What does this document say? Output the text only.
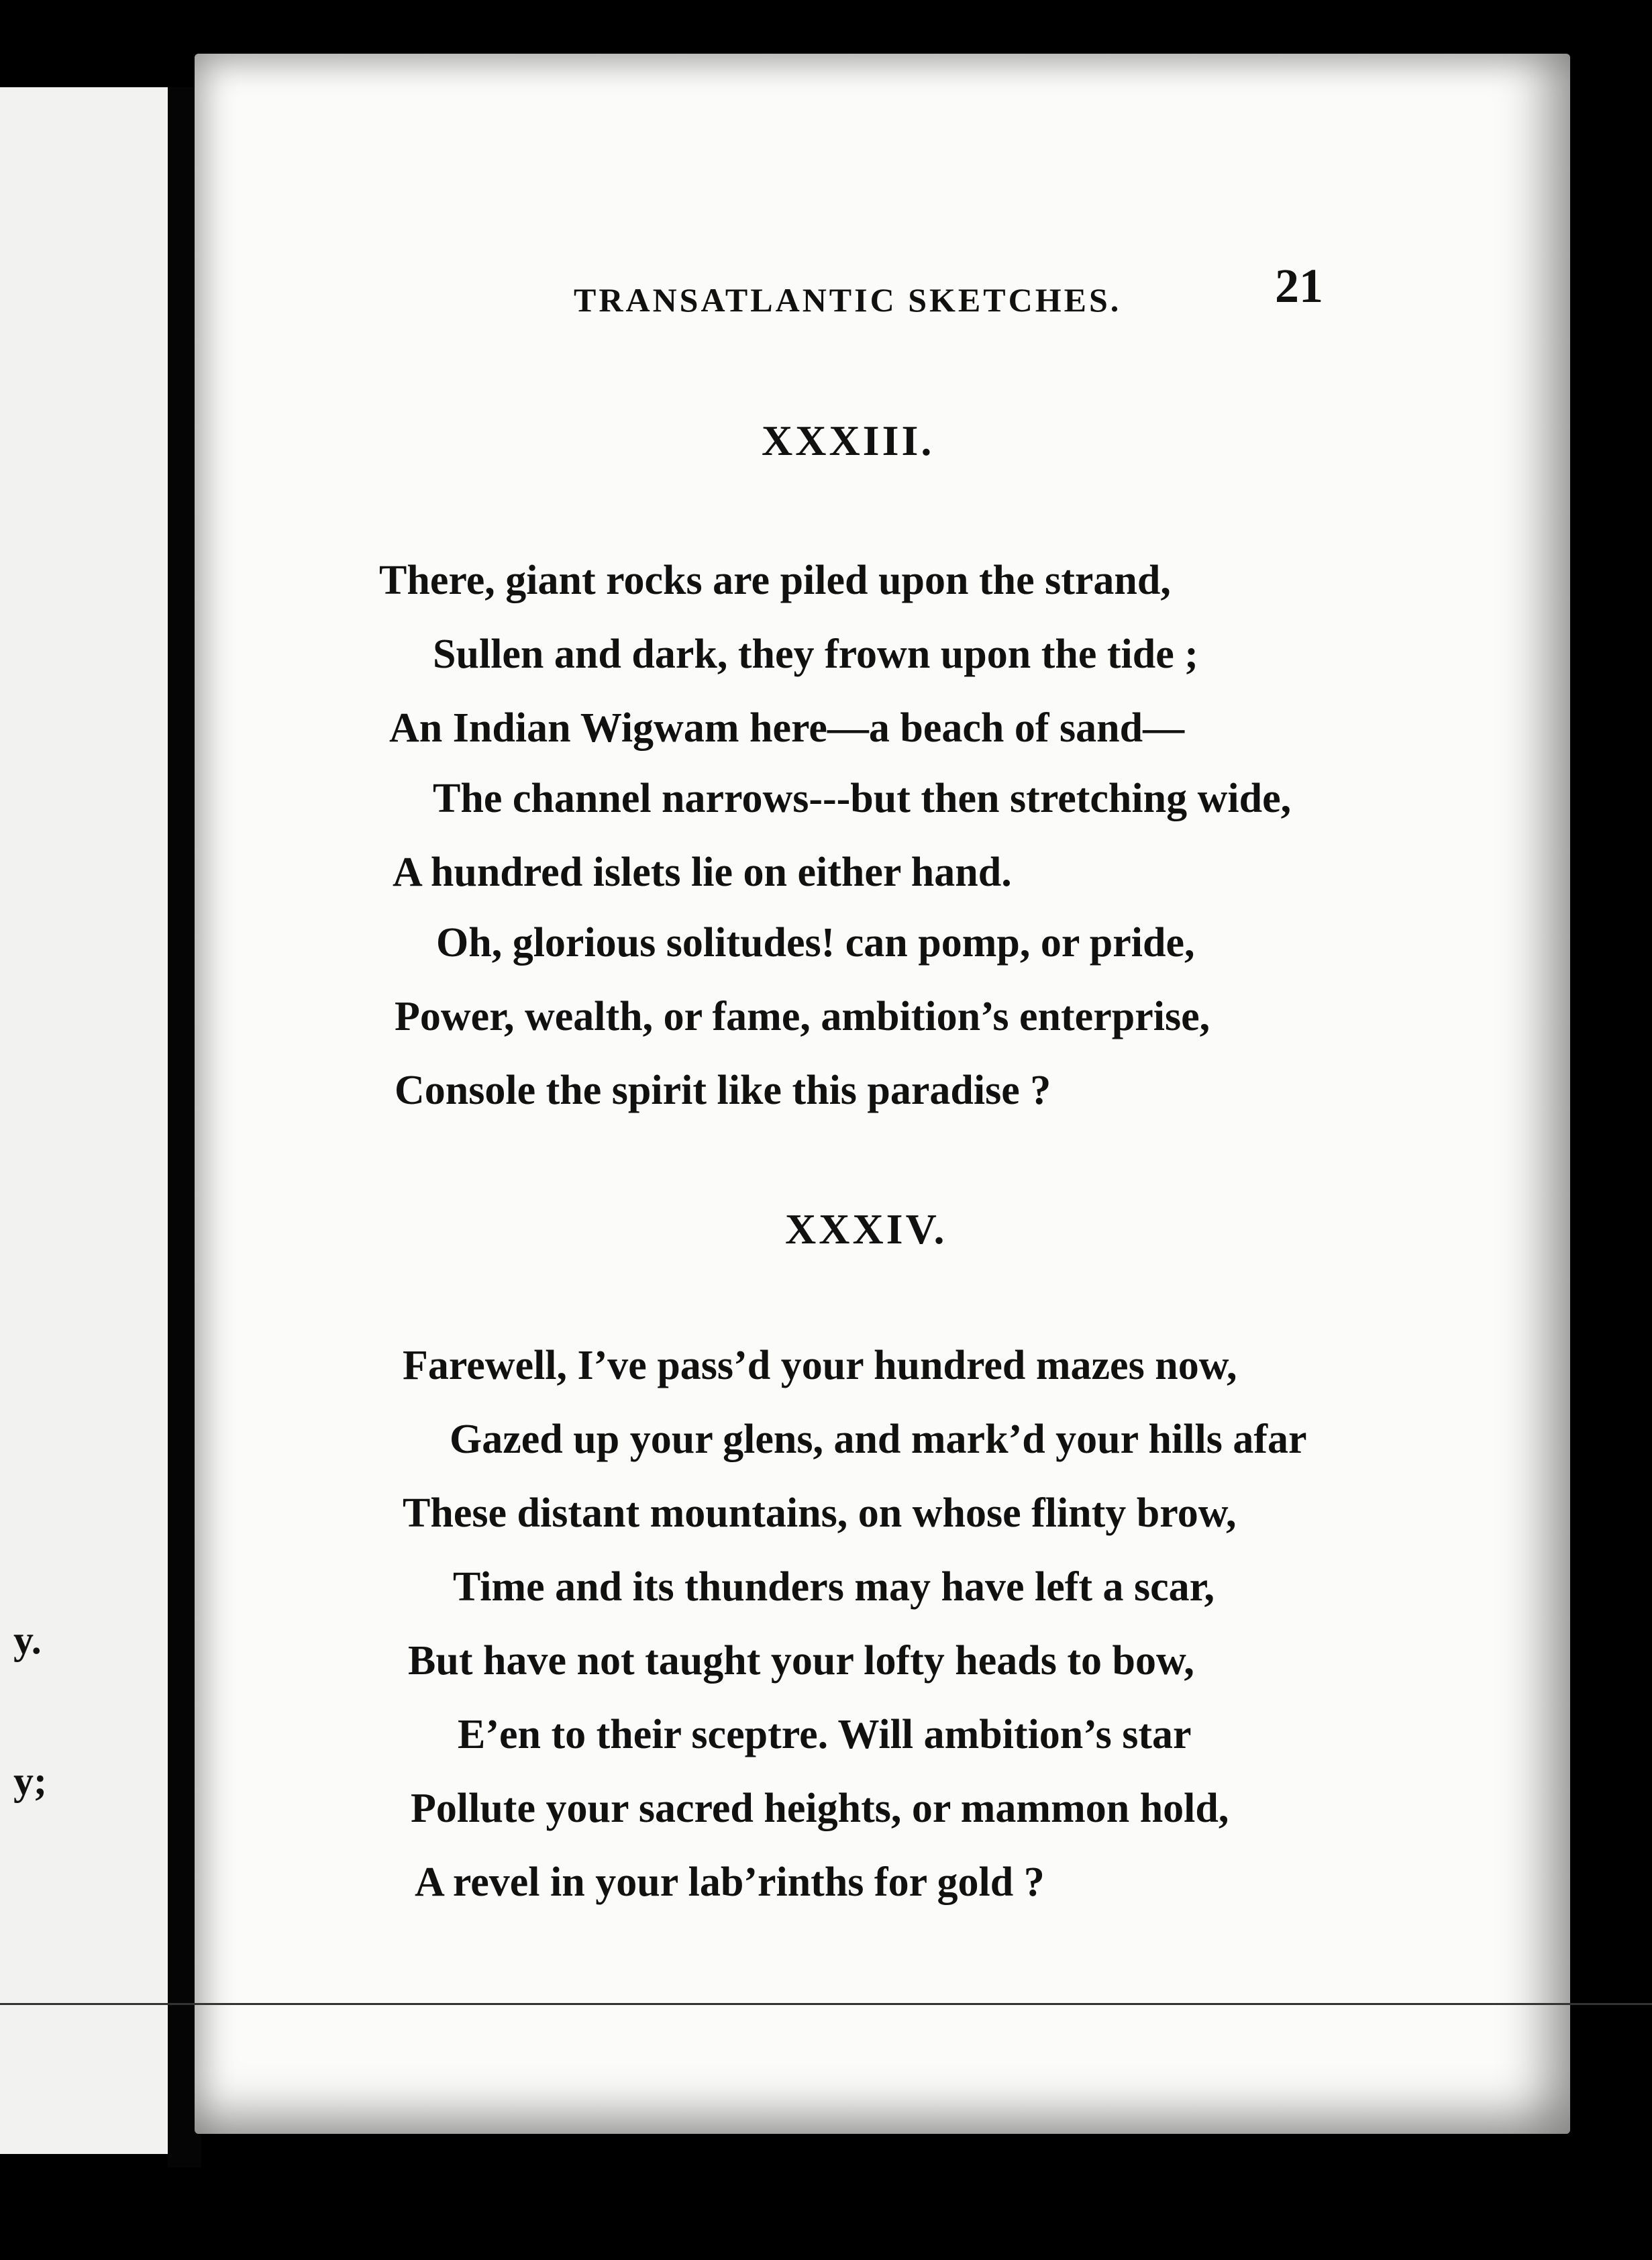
y.
y;
TRANSATLANTIC SKETCHES.	21
XXXIII.
There, giant rocks are piled upon the strand,
Sullen and dark, they frown upon the tide ;
An Indian Wigwam here—a beach of sand—
The channel narrows---but then stretching wide,
A hundred islets lie on either hand.
Oh, glorious solitudes! can pomp, or pride,
Power, wealth, or fame, ambition’s enterprise,
Console the spirit like this paradise ?
XXXIV.
Farewell, I’ve pass’d your hundred mazes now,
Gazed up your glens, and mark’d your hills afar
These distant mountains, on whose flinty brow,
Time and its thunders may have left a scar,
But have not taught your lofty heads to bow,
E’en to their sceptre. Will ambition’s star
Pollute your sacred heights, or mammon hold,
A revel in your lab’rinths for gold ?
